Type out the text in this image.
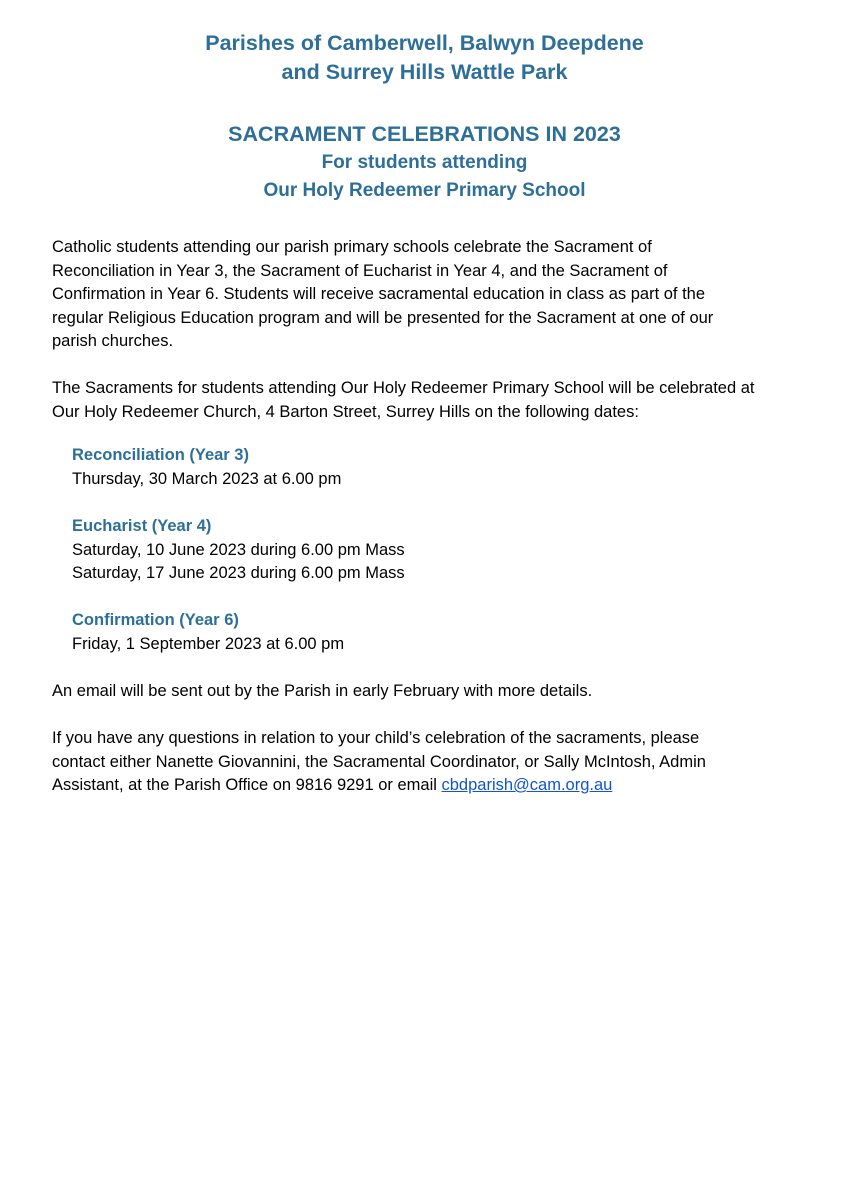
Parishes of Camberwell, Balwyn Deepdene
and Surrey Hills Wattle Park
SACRAMENT CELEBRATIONS IN 2023
For students attending
Our Holy Redeemer Primary School

Catholic students attending our parish primary schools celebrate the Sacrament of
Reconciliation in Year 3, the Sacrament of Eucharist in Year 4, and the Sacrament of
Confirmation in Year 6. Students will receive sacramental education in class as part of the
regular Religious Education program and will be presented for the Sacrament at one of our
parish churches.

The Sacraments for students attending Our Holy Redeemer Primary School will be celebrated at
Our Holy Redeemer Church, 4 Barton Street, Surrey Hills on the following dates:

Reconciliation (Year 3)
Thursday, 30 March 2023 at 6.00 pm
Eucharist (Year 4)
Saturday, 10 June 2023 during 6.00 pm Mass
Saturday, 17 June 2023 during 6.00 pm Mass
Confirmation (Year 6)
Friday, 1 September 2023 at 6.00 pm

An email will be sent out by the Parish in early February with more details.

If you have any questions in relation to your child’s celebration of the sacraments, please
contact either Nanette Giovannini, the Sacramental Coordinator, or Sally McIntosh, Admin
Assistant, at the Parish Office on 9816 9291 or email cbdparish@cam.org.au
